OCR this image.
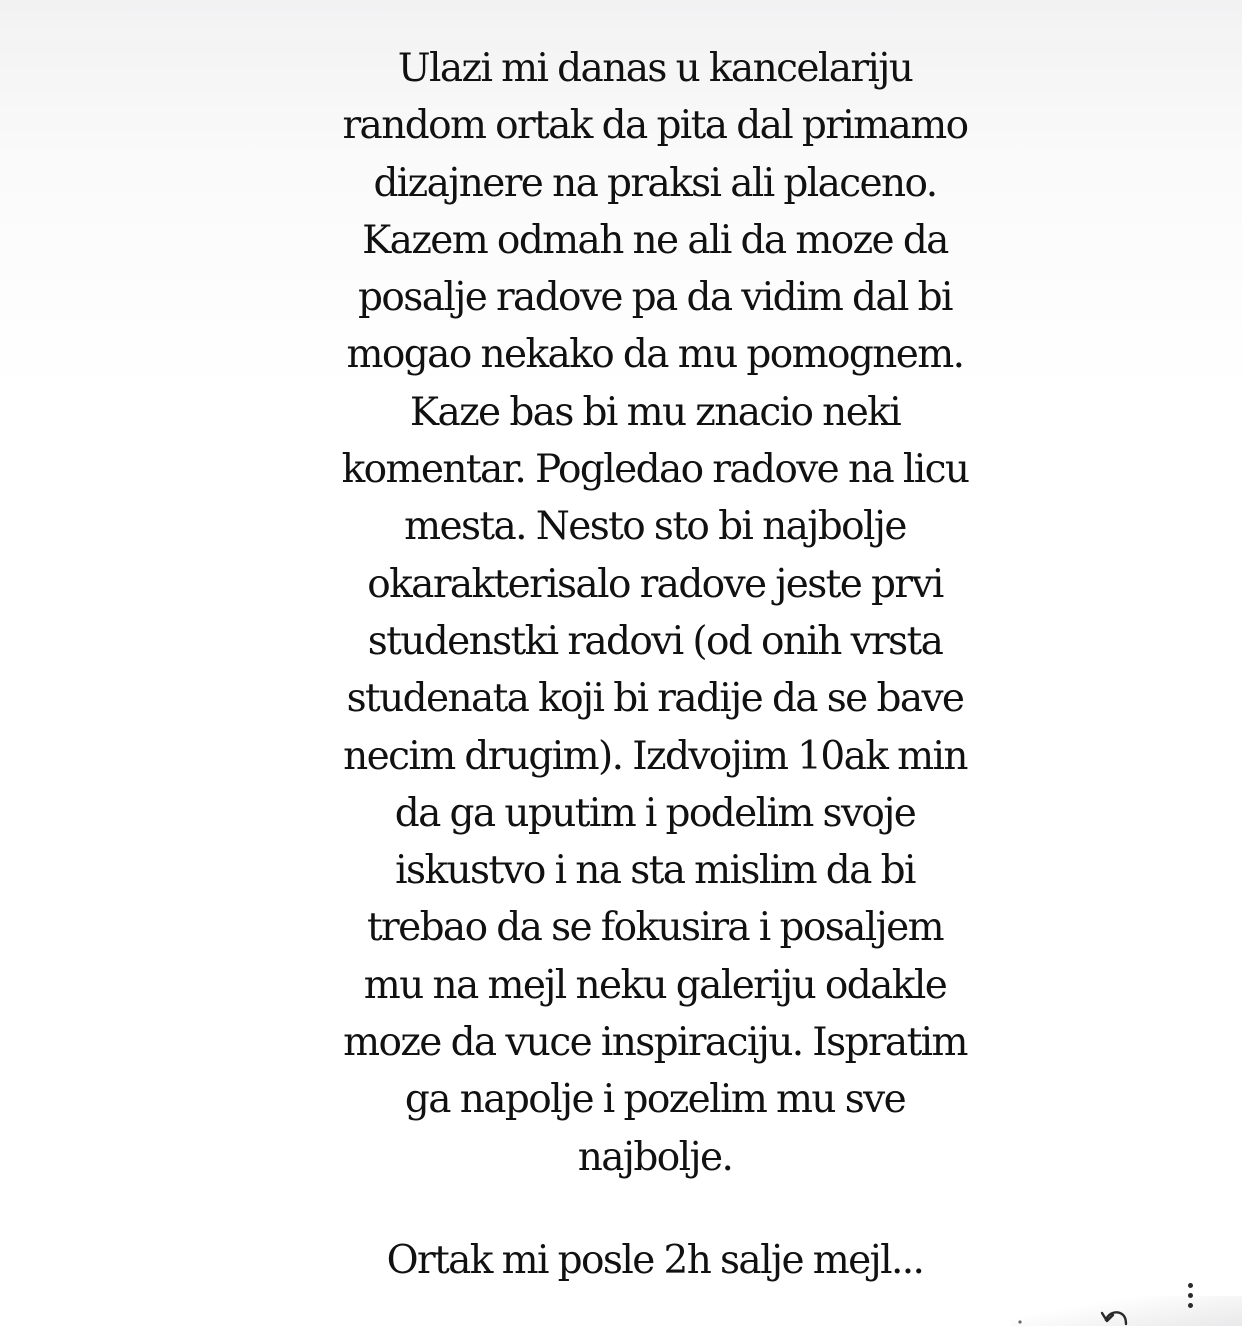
Ulazi mi danas u kancelariju
random ortak da pita dal primamo
dizajnere na praksi ali placeno.
Kazem odmah ne ali da moze da
posalje radove pa da vidim dal bi
mogao nekako da mu pomognem.
Kaze bas bi mu znacio neki
komentar. Pogledao radove na licu
mesta. Nesto sto bi najbolje
okarakterisalo radove jeste prvi
studenstki radovi (od onih vrsta
studenata koji bi radije da se bave
necim drugim). Izdvojim 10ak min
da ga uputim i podelim svoje
iskustvo i na sta mislim da bi
trebao da se fokusira i posaljem
mu na mejl neku galeriju odakle
moze da vuce inspiraciju. Ispratim
ga napolje i pozelim mu sve
najbolje.

Ortak mi posle 2h salje mejl...
